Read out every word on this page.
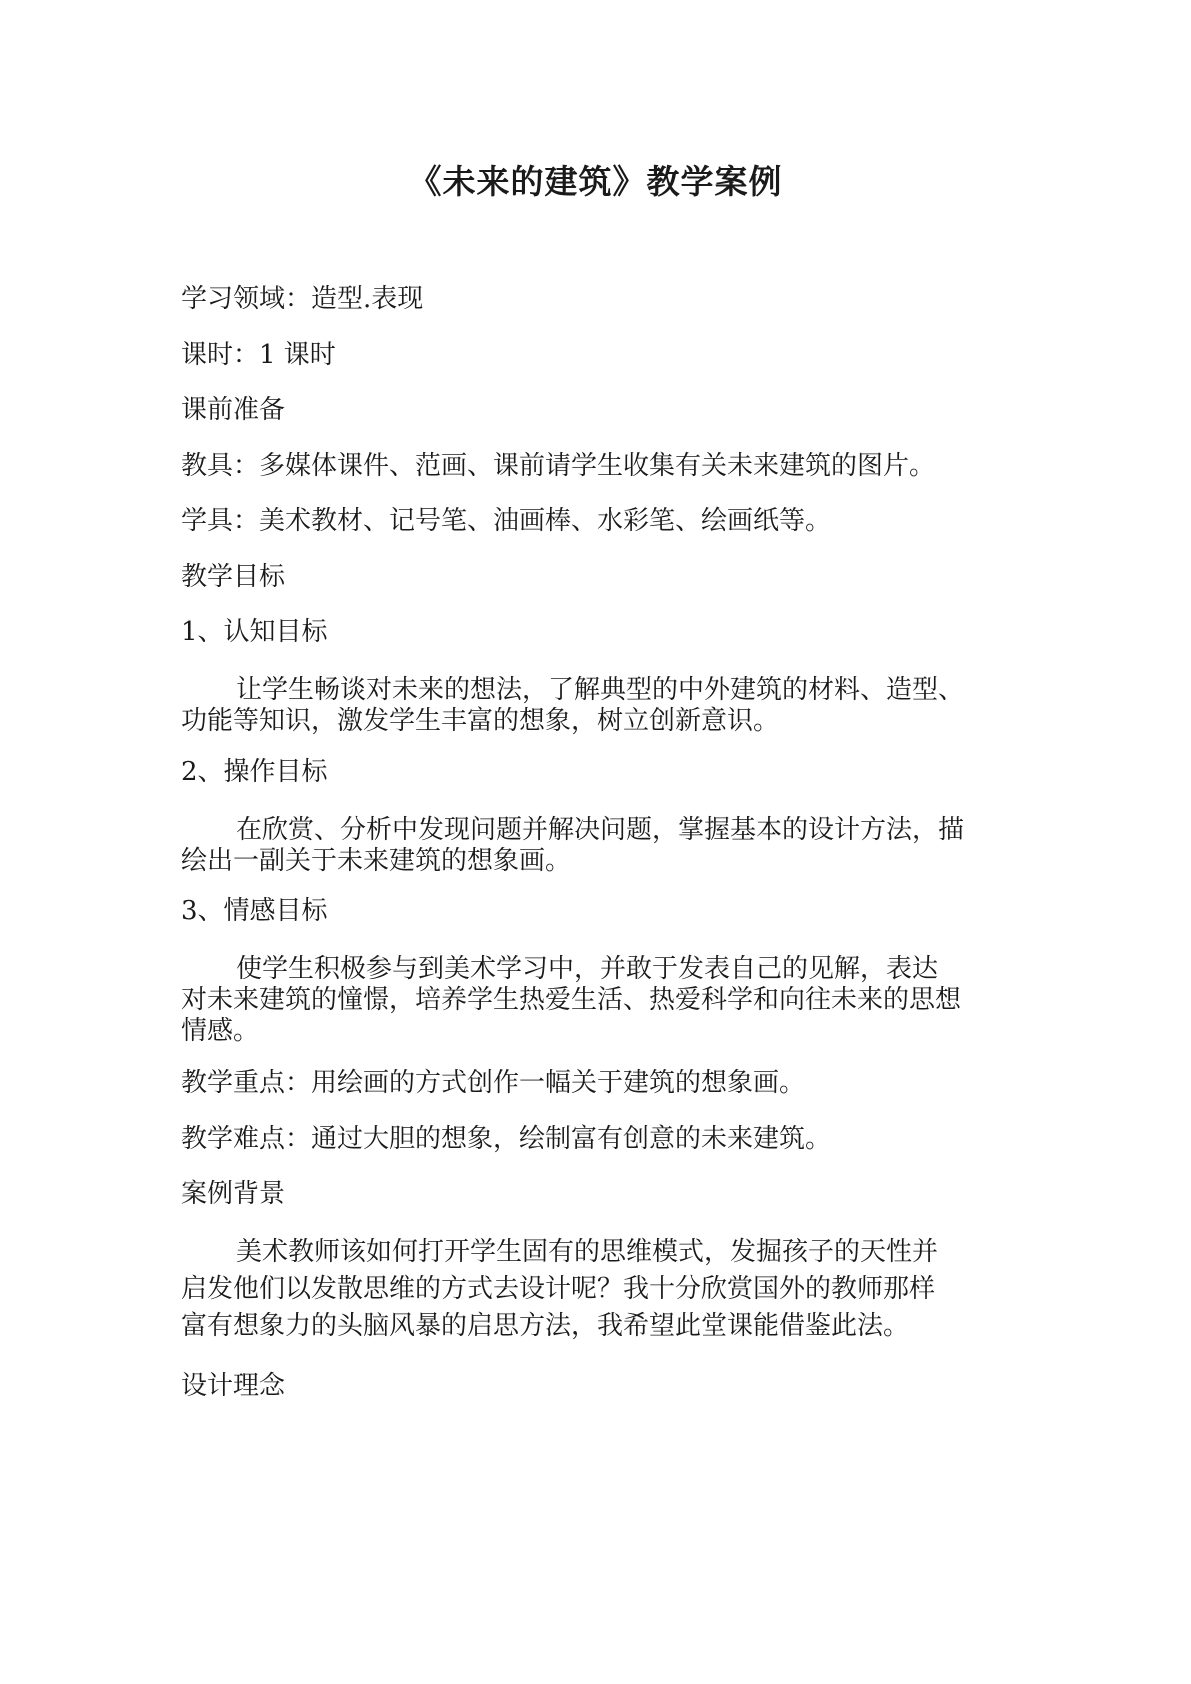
《未来的建筑》教学案例
学习领域：造型.表现
课时：1 课时
课前准备
教具：多媒体课件、范画、课前请学生收集有关未来建筑的图片。
学具：美术教材、记号笔、油画棒、水彩笔、绘画纸等。
教学目标
1、认知目标
让学生畅谈对未来的想法，了解典型的中外建筑的材料、造型、
功能等知识，激发学生丰富的想象，树立创新意识。
2、操作目标
在欣赏、分析中发现问题并解决问题，掌握基本的设计方法，描
绘出一副关于未来建筑的想象画。
3、情感目标
使学生积极参与到美术学习中，并敢于发表自己的见解，表达
对未来建筑的憧憬，培养学生热爱生活、热爱科学和向往未来的思想
情感。
教学重点：用绘画的方式创作一幅关于建筑的想象画。
教学难点：通过大胆的想象，绘制富有创意的未来建筑。
案例背景
美术教师该如何打开学生固有的思维模式，发掘孩子的天性并
启发他们以发散思维的方式去设计呢？我十分欣赏国外的教师那样
富有想象力的头脑风暴的启思方法，我希望此堂课能借鉴此法。
设计理念
